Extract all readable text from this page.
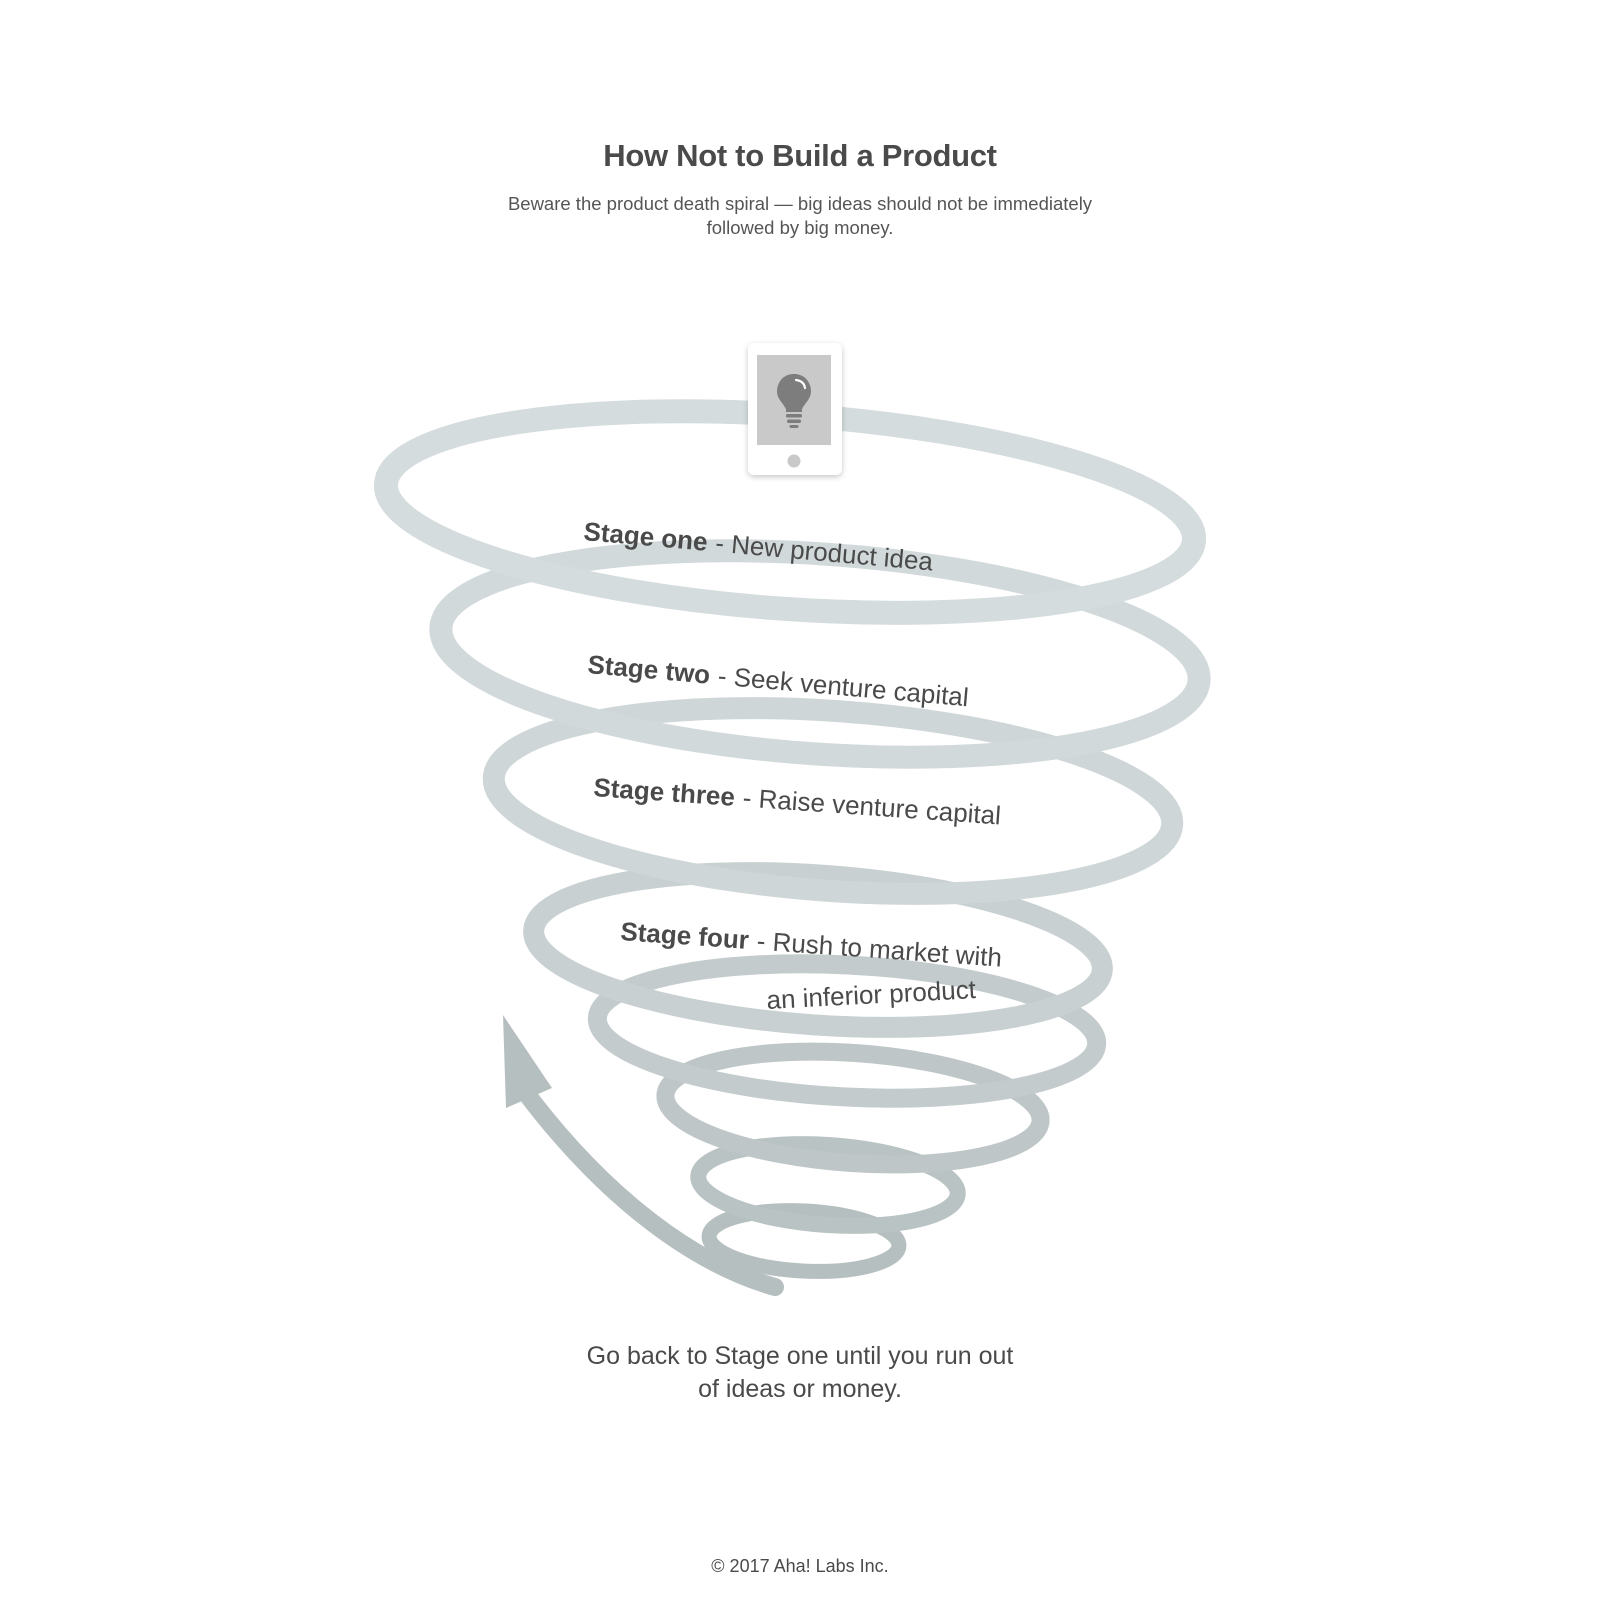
How Not to Build a Product
Beware the product death spiral — big ideas should not be immediately
followed by big money.
Stage one - New product idea
Stage two - Seek venture capital
Stage three - Raise venture capital
Stage four - Rush to market with
an inferior product
Go back to Stage one until you run out
of ideas or money.
© 2017 Aha! Labs Inc.
